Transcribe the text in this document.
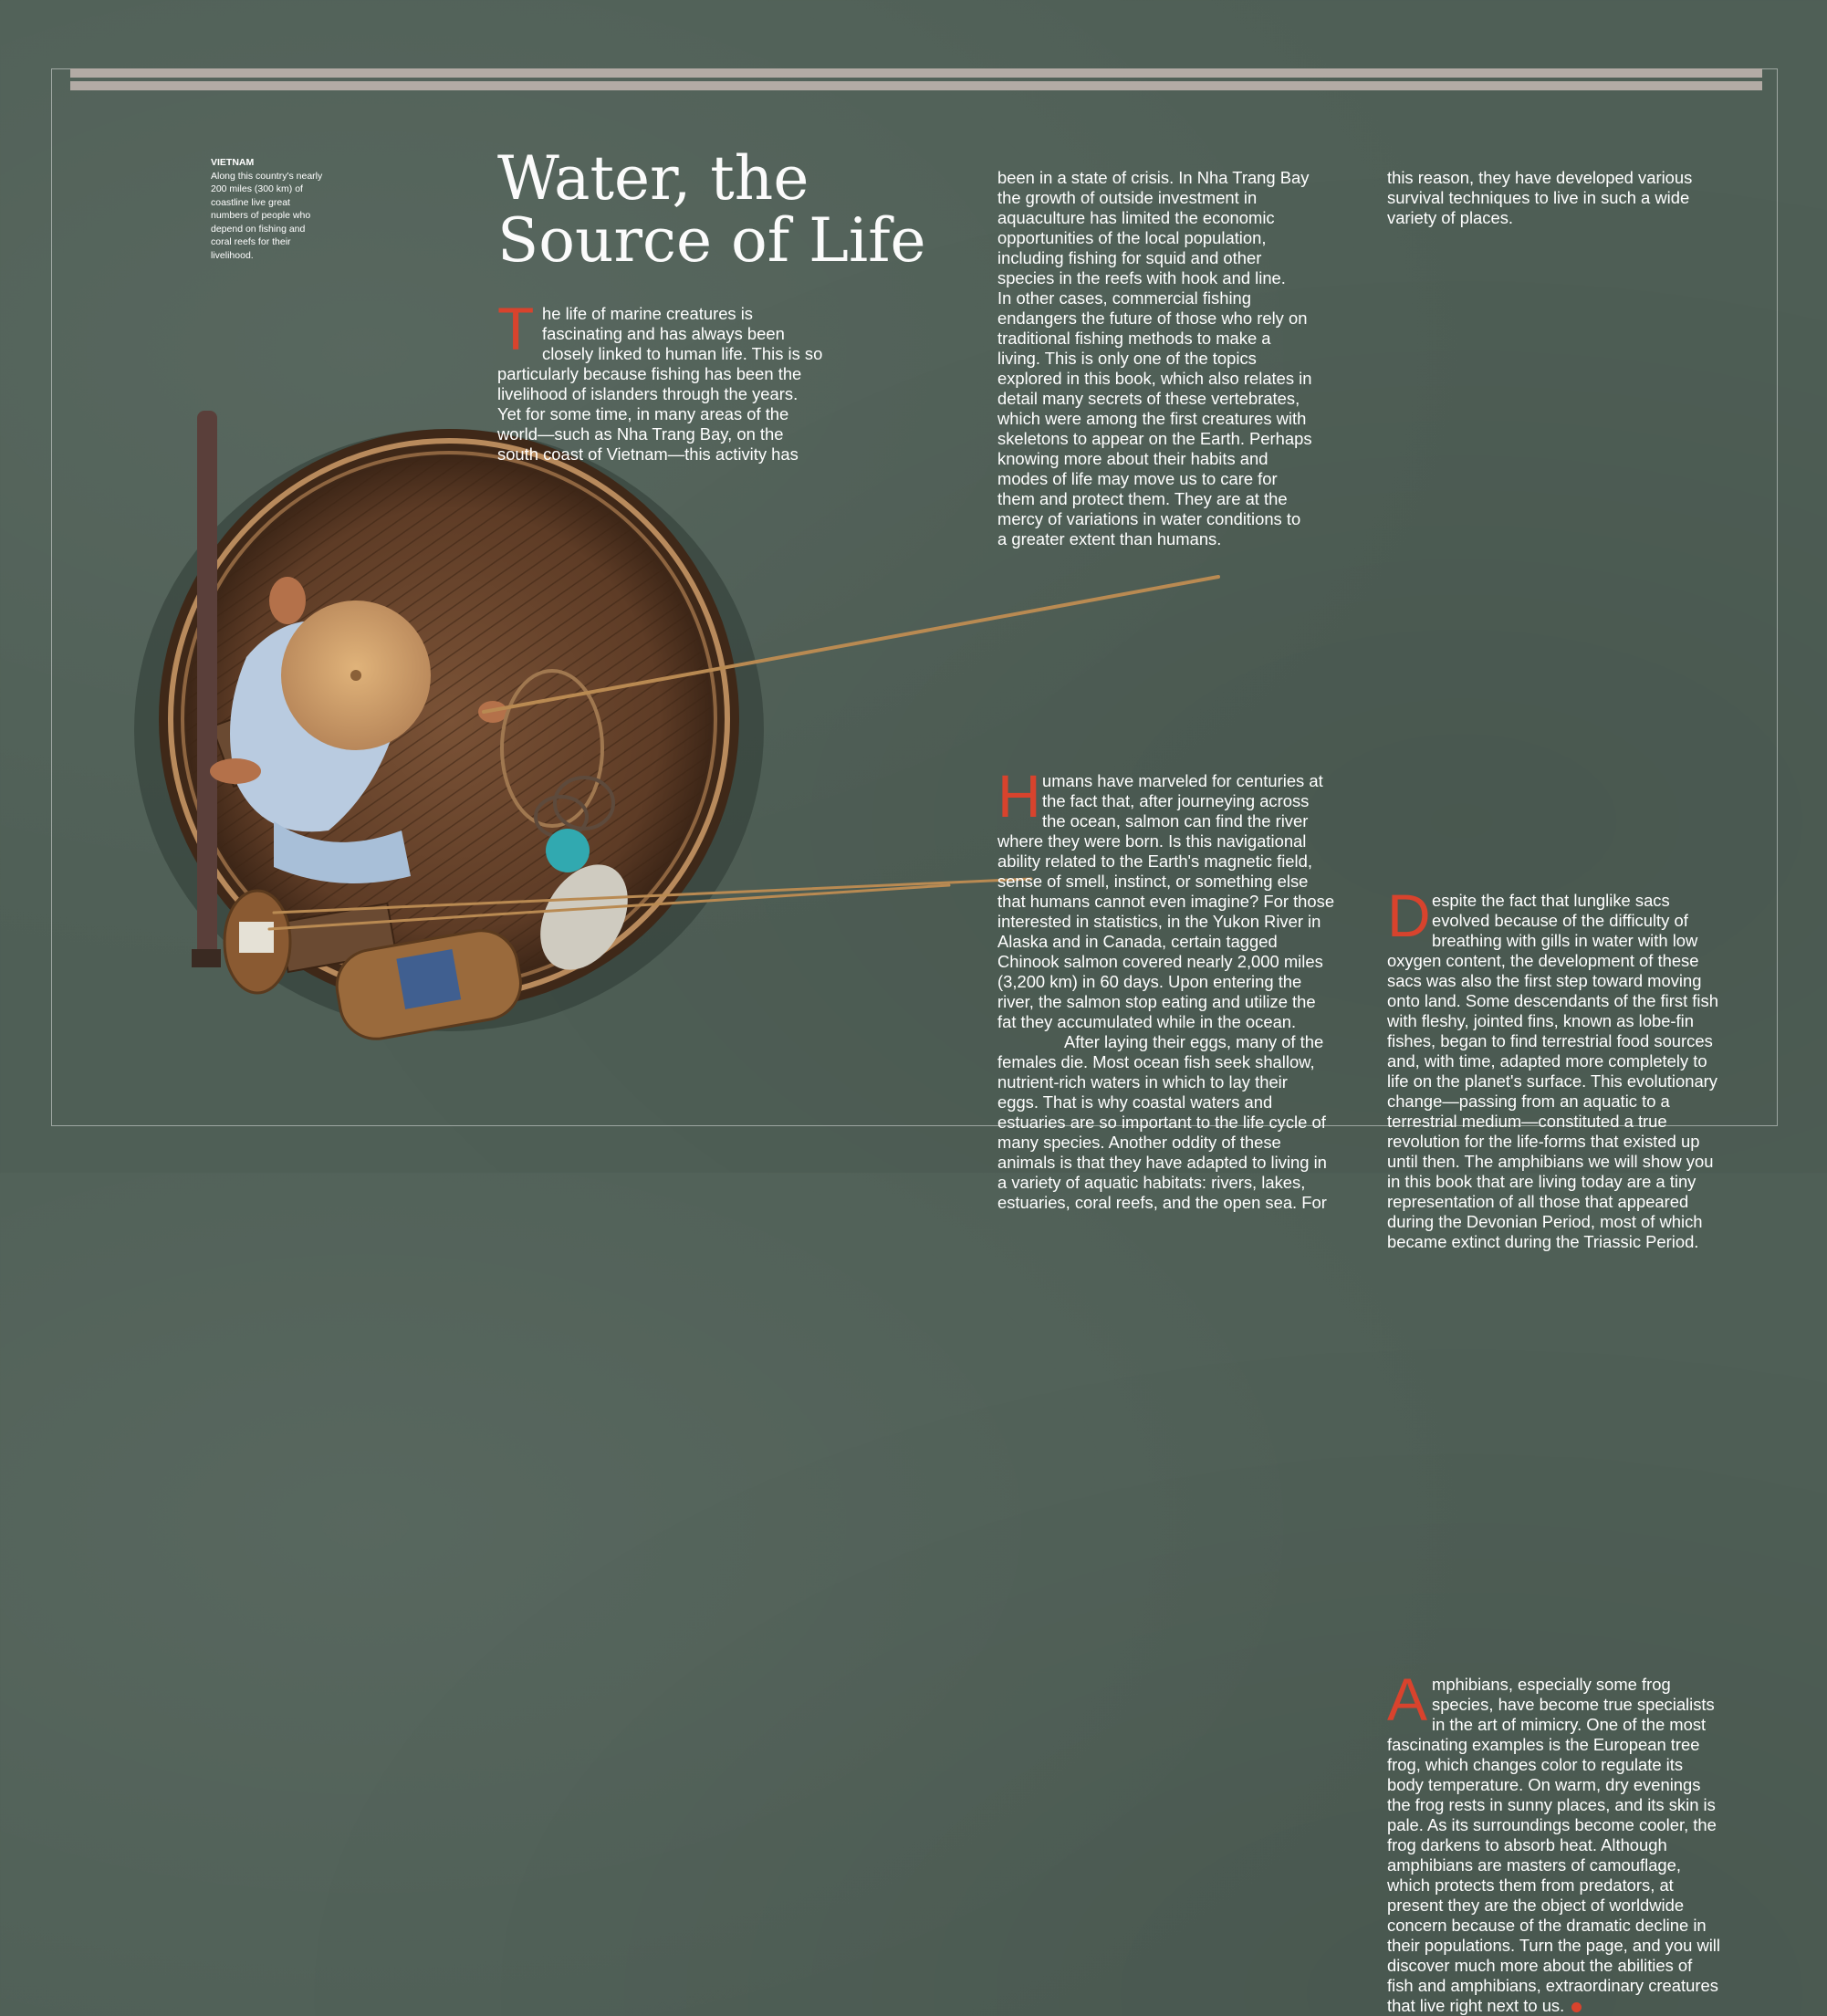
VIETNAM
Along this country's nearly
200 miles (300 km) of
coastline live great
numbers of people who
depend on fishing and
coral reefs for their
livelihood.
Water, the
Source of Life
T he life of marine creatures is
fascinating and has always been
closely linked to human life. This is so
particularly because fishing has been the
livelihood of islanders through the years.
Yet for some time, in many areas of the
world—such as Nha Trang Bay, on the
south coast of Vietnam—this activity has
been in a state of crisis. In Nha Trang Bay
the growth of outside investment in
aquaculture has limited the economic
opportunities of the local population,
including fishing for squid and other
species in the reefs with hook and line.
In other cases, commercial fishing
endangers the future of those who rely on
traditional fishing methods to make a
living. This is only one of the topics
explored in this book, which also relates in
detail many secrets of these vertebrates,
which were among the first creatures with
skeletons to appear on the Earth. Perhaps
knowing more about their habits and
modes of life may move us to care for
them and protect them. They are at the
mercy of variations in water conditions to
a greater extent than humans.
H umans have marveled for centuries at
the fact that, after journeying across
the ocean, salmon can find the river
where they were born. Is this navigational
ability related to the Earth's magnetic field,
sense of smell, instinct, or something else
that humans cannot even imagine? For those
interested in statistics, in the Yukon River in
Alaska and in Canada, certain tagged
Chinook salmon covered nearly 2,000 miles
(3,200 km) in 60 days. Upon entering the
river, the salmon stop eating and utilize the
fat they accumulated while in the ocean.
After laying their eggs, many of the
females die. Most ocean fish seek shallow,
nutrient-rich waters in which to lay their
eggs. That is why coastal waters and
estuaries are so important to the life cycle of
many species. Another oddity of these
animals is that they have adapted to living in
a variety of aquatic habitats: rivers, lakes,
estuaries, coral reefs, and the open sea. For
this reason, they have developed various
survival techniques to live in such a wide
variety of places.
D espite the fact that lunglike sacs
evolved because of the difficulty of
breathing with gills in water with low
oxygen content, the development of these
sacs was also the first step toward moving
onto land. Some descendants of the first fish
with fleshy, jointed fins, known as lobe-fin
fishes, began to find terrestrial food sources
and, with time, adapted more completely to
life on the planet's surface. This evolutionary
change—passing from an aquatic to a
terrestrial medium—constituted a true
revolution for the life-forms that existed up
until then. The amphibians we will show you
in this book that are living today are a tiny
representation of all those that appeared
during the Devonian Period, most of which
became extinct during the Triassic Period.
A mphibians, especially some frog
species, have become true specialists
in the art of mimicry. One of the most
fascinating examples is the European tree
frog, which changes color to regulate its
body temperature. On warm, dry evenings
the frog rests in sunny places, and its skin is
pale. As its surroundings become cooler, the
frog darkens to absorb heat. Although
amphibians are masters of camouflage,
which protects them from predators, at
present they are the object of worldwide
concern because of the dramatic decline in
their populations. Turn the page, and you will
discover much more about the abilities of
fish and amphibians, extraordinary creatures
that live right next to us.
